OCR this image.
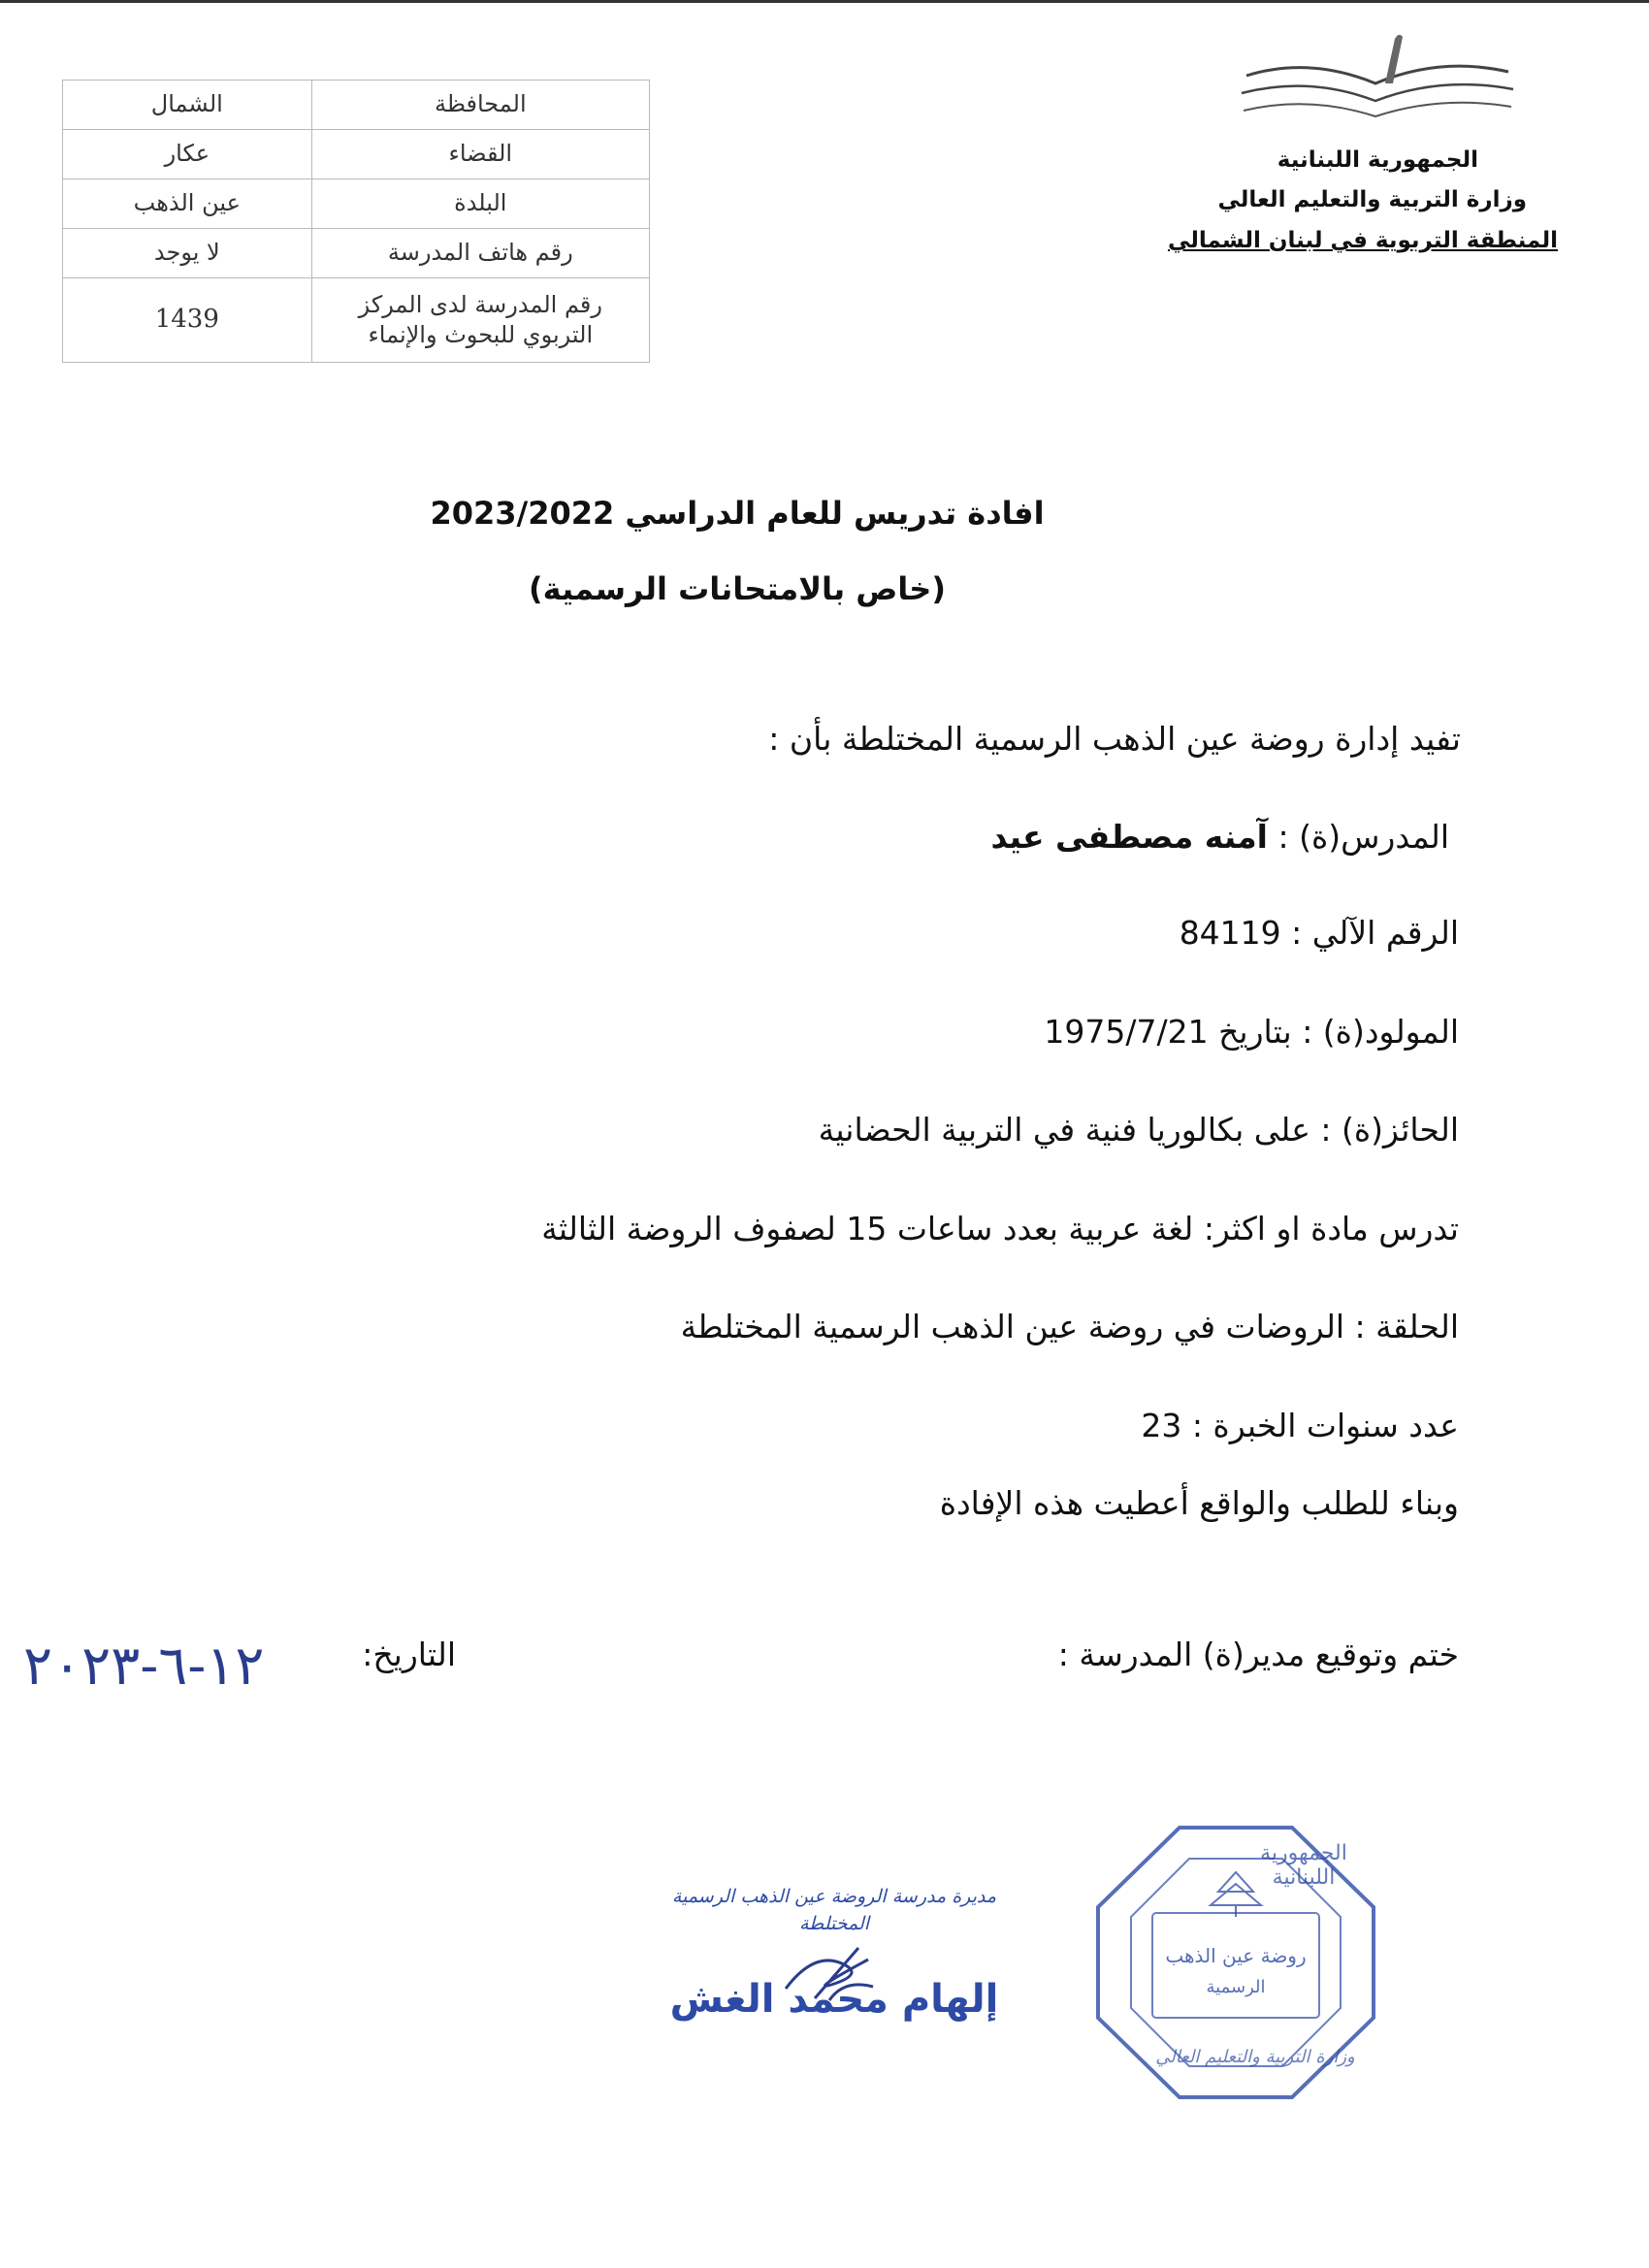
المحافظة	الشمال
القضاء	عكار
البلدة	عين الذهب
رقم هاتف المدرسة	لا يوجد

رقم المدرسة لدى المركز
التربوي للبحوث والإنماء	1439
الجمهورية اللبنانية
وزارة التربية والتعليم العالي
المنطقة التربوية في لبنان الشمالي
افادة تدريس للعام الدراسي 2023/2022
(خاص بالامتحانات الرسمية)
تفيد إدارة روضة عين الذهب الرسمية المختلطة بأن :
المدرس(ة) : آمنه مصطفى عيد
الرقم الآلي : 84119
المولود(ة) : بتاريخ 1975/7/21
الحائز(ة) : على بكالوريا فنية في التربية الحضانية
تدرس مادة او اكثر: لغة عربية بعدد ساعات 15 لصفوف الروضة الثالثة
الحلقة : الروضات في روضة عين الذهب الرسمية المختلطة
عدد سنوات الخبرة : 23
وبناء للطلب والواقع أعطيت هذه الإفادة
ختم وتوقيع مدير(ة) المدرسة :
التاريخ:
١٢-٦-٢٠٢٣
مديرة مدرسة الروضة عين الذهب الرسمية
المختلطة
إلهام محمد الغش
الجمهورية اللبنانية
روضة عين الذهب
الرسمية
وزارة التربية والتعليم العالي
